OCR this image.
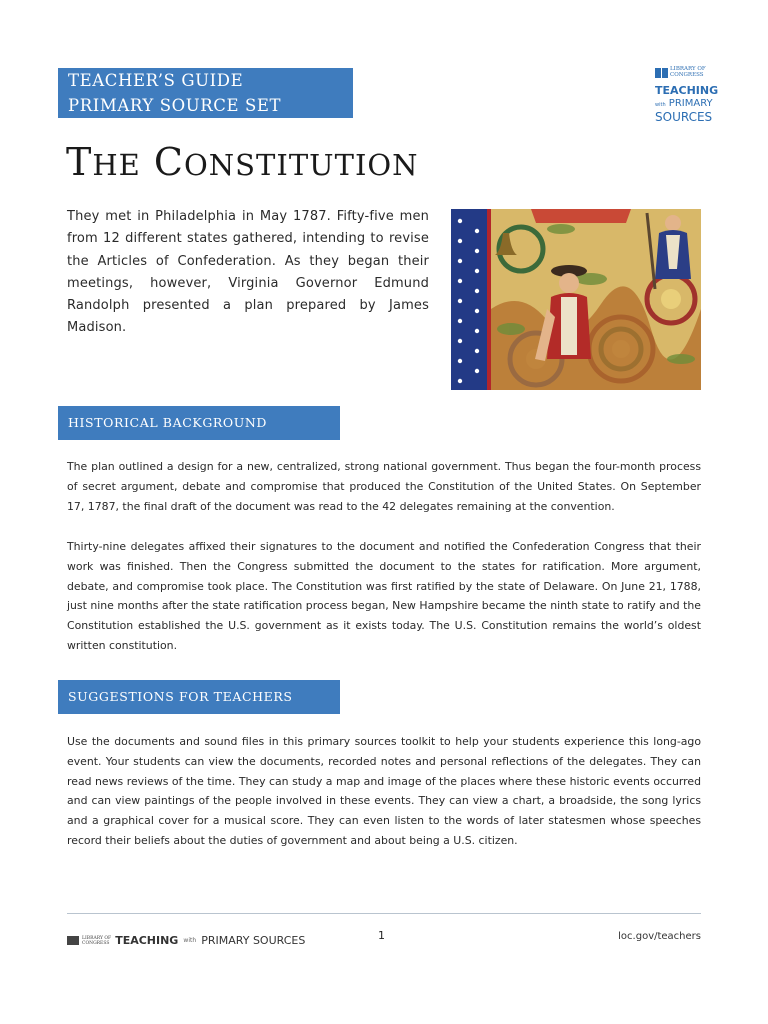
TEACHER’S GUIDE
PRIMARY SOURCE SET
LIBRARY OF
CONGRESS
TEACHING
with PRIMARY
SOURCES
THE CONSTITUTION
They met in Philadelphia in May 1787. Fifty-five men from 12 different states gathered, intending to revise the Articles of Confederation. As they began their meetings, however, Virginia Governor Edmund Randolph presented a plan prepared by James Madison.
HISTORICAL BACKGROUND
The plan outlined a design for a new, centralized, strong national government. Thus began the four-month process of secret argument, debate and compromise that produced the Constitution of the United States. On September 17, 1787, the final draft of the document was read to the 42 delegates remaining at the convention.
Thirty-nine delegates affixed their signatures to the document and notified the Confederation Congress that their work was finished. Then the Congress submitted the document to the states for ratification. More argument, debate, and compromise took place. The Constitution was first ratified by the state of Delaware. On June 21, 1788, just nine months after the state ratification process began, New Hampshire became the ninth state to ratify and the Constitution established the U.S. government as it exists today. The U.S. Constitution remains the world’s oldest written constitution.
SUGGESTIONS FOR TEACHERS
Use the documents and sound files in this primary sources toolkit to help your students experience this long-ago event. Your students can view the documents, recorded notes and personal reflections of the delegates. They can read news reviews of the time. They can study a map and image of the places where these historic events occurred and can view paintings of the people involved in these events. They can view a chart, a broadside, the song lyrics and a graphical cover for a musical score. They can even listen to the words of later statesmen whose speeches record their beliefs about the duties of government and about being a U.S. citizen.
LIBRARY OF
CONGRESS TEACHING with PRIMARY SOURCES	1	loc.gov/teachers
